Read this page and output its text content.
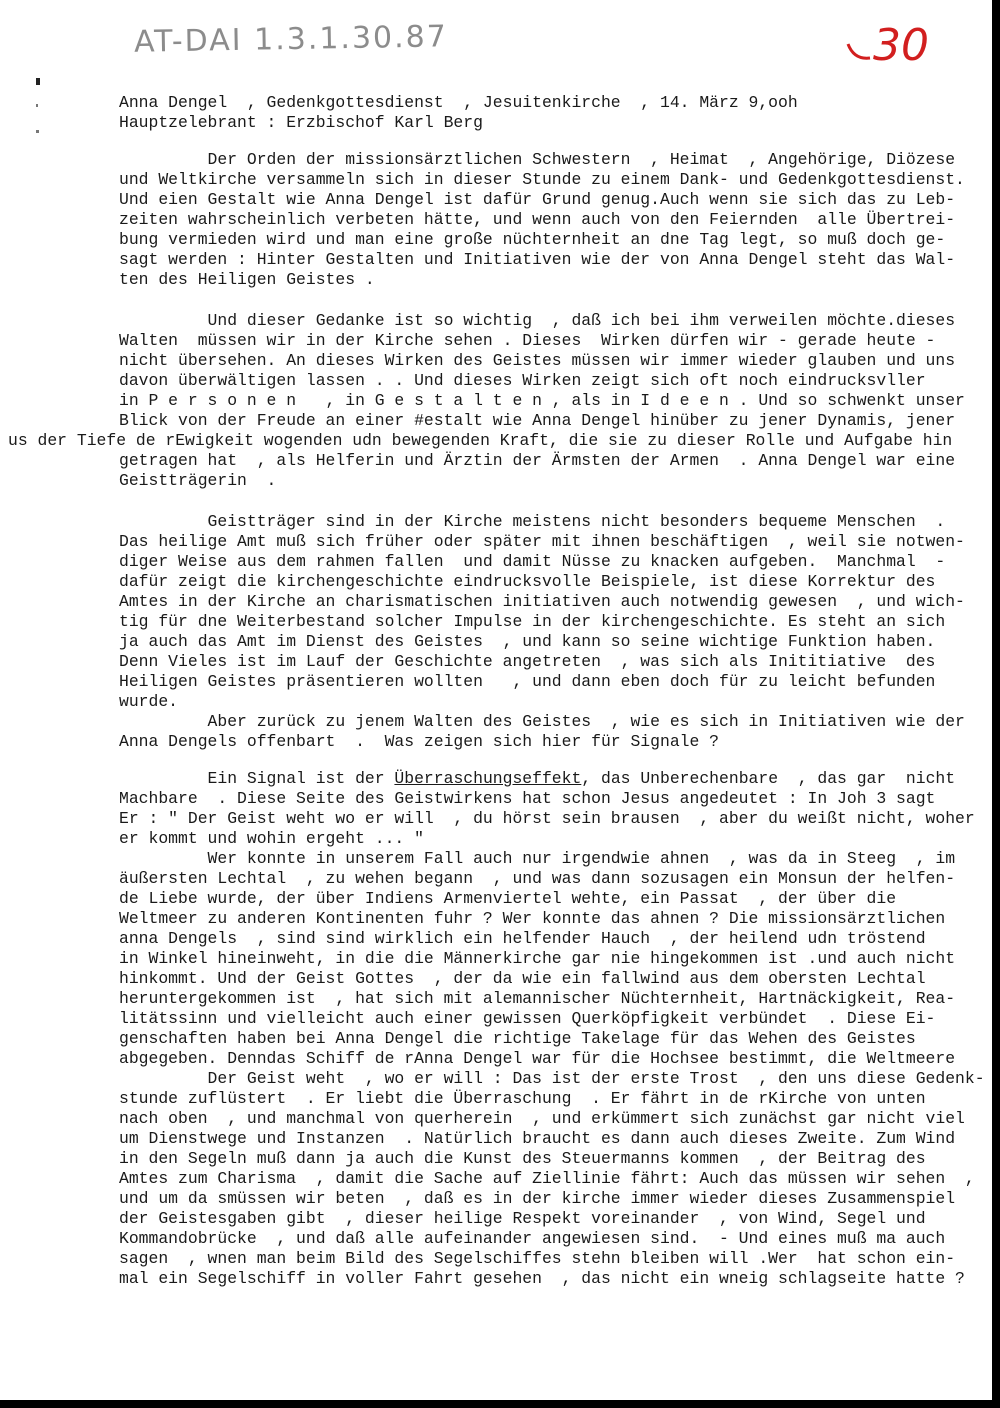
AT-DAI 1.3.1.30.87	30
Anna Dengel  , Gedenkgottesdienst  , Jesuitenkirche  , 14. März 9,ooh
Hauptzelebrant : Erzbischof Karl Berg
Der Orden der missionsärztlichen Schwestern  , Heimat  , Angehörige, Diözese
und Weltkirche versammeln sich in dieser Stunde zu einem Dank- und Gedenkgottesdienst.
Und eien Gestalt wie Anna Dengel ist dafür Grund genug.Auch wenn sie sich das zu Leb-
zeiten wahrscheinlich verbeten hätte, und wenn auch von den Feiernden  alle Übertrei-
bung vermieden wird und man eine große nüchternheit an dne Tag legt, so muß doch ge-
sagt werden : Hinter Gestalten und Initiativen wie der von Anna Dengel steht das Wal-
ten des Heiligen Geistes .
Und dieser Gedanke ist so wichtig  , daß ich bei ihm verweilen möchte.dieses
Walten  müssen wir in der Kirche sehen . Dieses  Wirken dürfen wir - gerade heute -
nicht übersehen. An dieses Wirken des Geistes müssen wir immer wieder glauben und uns
davon überwältigen lassen . . Und dieses Wirken zeigt sich oft noch eindrucksvller
in P e r s o n e n   , in G e s t a l t e n , als in I d e e n . Und so schwenkt unser
Blick von der Freude an einer #estalt wie Anna Dengel hinüber zu jener Dynamis, jener
us der Tiefe de rEwigkeit wogenden udn bewegenden Kraft, die sie zu dieser Rolle und Aufgabe hin
getragen hat  , als Helferin und Ärztin der Ärmsten der Armen  . Anna Dengel war eine
Geistträgerin  .
Geistträger sind in der Kirche meistens nicht besonders bequeme Menschen  .
Das heilige Amt muß sich früher oder später mit ihnen beschäftigen  , weil sie notwen-
diger Weise aus dem rahmen fallen  und damit Nüsse zu knacken aufgeben.  Manchmal  -
dafür zeigt die kirchengeschichte eindrucksvolle Beispiele, ist diese Korrektur des
Amtes in der Kirche an charismatischen initiativen auch notwendig gewesen  , und wich-
tig für dne Weiterbestand solcher Impulse in der kirchengeschichte. Es steht an sich
ja auch das Amt im Dienst des Geistes  , und kann so seine wichtige Funktion haben.
Denn Vieles ist im Lauf der Geschichte angetreten  , was sich als Inititiative  des
Heiligen Geistes präsentieren wollten   , und dann eben doch für zu leicht befunden
wurde.
Aber zurück zu jenem Walten des Geistes  , wie es sich in Initiativen wie der
Anna Dengels offenbart  .  Was zeigen sich hier für Signale ?
Ein Signal ist der Überraschungseffekt, das Unberechenbare  , das gar  nicht
Machbare  . Diese Seite des Geistwirkens hat schon Jesus angedeutet : In Joh 3 sagt
Er : " Der Geist weht wo er will  , du hörst sein brausen  , aber du weißt nicht, woher
er kommt und wohin ergeht ... "
Wer konnte in unserem Fall auch nur irgendwie ahnen  , was da in Steeg  , im
äußersten Lechtal  , zu wehen begann  , und was dann sozusagen ein Monsun der helfen-
de Liebe wurde, der über Indiens Armenviertel wehte, ein Passat  , der über die
Weltmeer zu anderen Kontinenten fuhr ? Wer konnte das ahnen ? Die missionsärztlichen
anna Dengels  , sind sind wirklich ein helfender Hauch  , der heilend udn tröstend
in Winkel hineinweht, in die die Männerkirche gar nie hingekommen ist .und auch nicht
hinkommt. Und der Geist Gottes  , der da wie ein fallwind aus dem obersten Lechtal
heruntergekommen ist  , hat sich mit alemannischer Nüchternheit, Hartnäckigkeit, Rea-
litätssinn und vielleicht auch einer gewissen Querköpfigkeit verbündet  . Diese Ei-
genschaften haben bei Anna Dengel die richtige Takelage für das Wehen des Geistes
abgegeben. Denndas Schiff de rAnna Dengel war für die Hochsee bestimmt, die Weltmeere
Der Geist weht  , wo er will : Das ist der erste Trost  , den uns diese Gedenk-
stunde zuflüstert  . Er liebt die Überraschung  . Er fährt in de rKirche von unten
nach oben  , und manchmal von querherein  , und erkümmert sich zunächst gar nicht viel
um Dienstwege und Instanzen  . Natürlich braucht es dann auch dieses Zweite. Zum Wind
in den Segeln muß dann ja auch die Kunst des Steuermanns kommen  , der Beitrag des
Amtes zum Charisma  , damit die Sache auf Ziellinie fährt: Auch das müssen wir sehen  ,
und um da smüssen wir beten  , daß es in der kirche immer wieder dieses Zusammenspiel
der Geistesgaben gibt  , dieser heilige Respekt voreinander  , von Wind, Segel und
Kommandobrücke  , und daß alle aufeinander angewiesen sind.  - Und eines muß ma auch
sagen  , wnen man beim Bild des Segelschiffes stehn bleiben will .Wer  hat schon ein-
mal ein Segelschiff in voller Fahrt gesehen  , das nicht ein wneig schlagseite hatte ?
